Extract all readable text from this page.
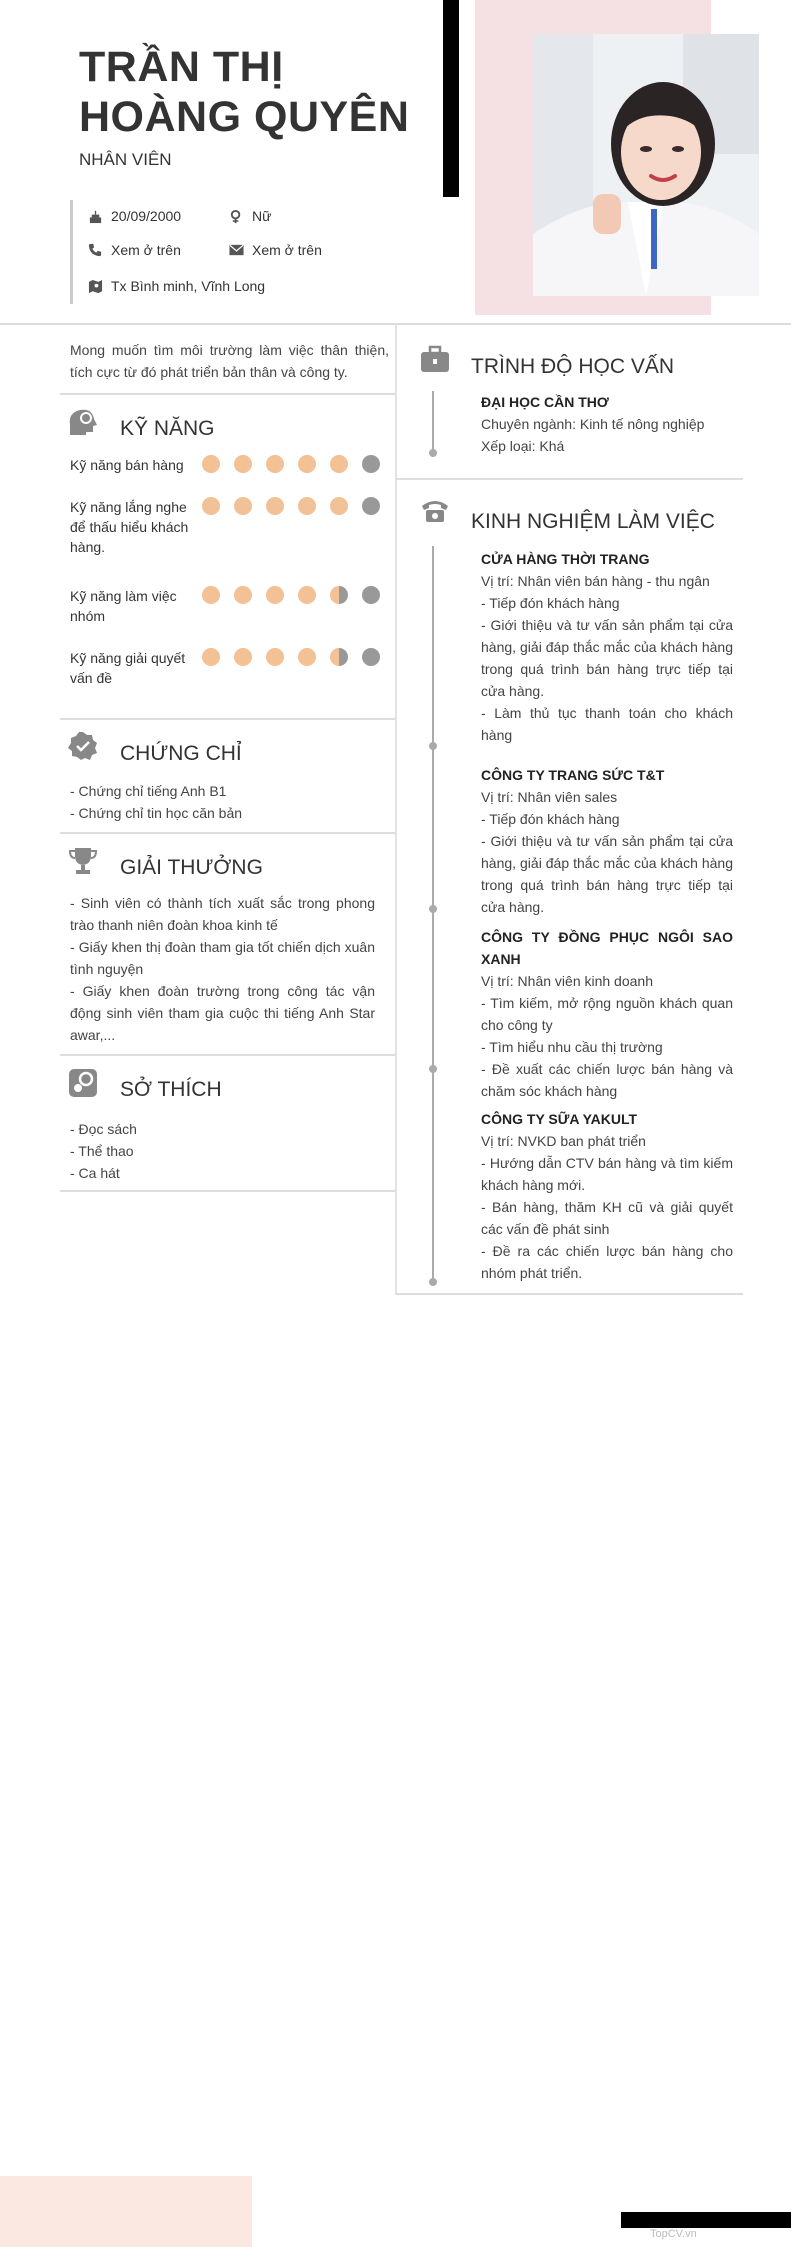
TRẦN THỊ HOÀNG QUYÊN
NHÂN VIÊN
20/09/2000	Nữ
Xem ở trên	Xem ở trên
Tx Bình minh, Vĩnh Long
Mong muốn tìm môi trường làm việc thân thiện, tích cực từ đó phát triển bản thân và công ty.
KỸ NĂNG
Kỹ năng bán hàng
Kỹ năng lắng nghe để thấu hiểu khách hàng.
Kỹ năng làm việc nhóm
Kỹ năng giải quyết vấn đề
CHỨNG CHỈ
- Chứng chỉ tiếng Anh B1
- Chứng chỉ tin học căn bản
GIẢI THƯỞNG
- Sinh viên có thành tích xuất sắc trong phong trào thanh niên đoàn khoa kinh tế
- Giấy khen thị đoàn tham gia tốt chiến dịch xuân tình nguyện
- Giấy khen đoàn trường trong công tác vận động sinh viên tham gia cuộc thi tiếng Anh Star awar,...
SỞ THÍCH
- Đọc sách
- Thể thao
- Ca hát
TRÌNH ĐỘ HỌC VẤN
ĐẠI HỌC CẦN THƠ
Chuyên ngành: Kinh tế nông nghiệp
Xếp loại: Khá
KINH NGHIỆM LÀM VIỆC
CỬA HÀNG THỜI TRANG
Vị trí: Nhân viên bán hàng - thu ngân
- Tiếp đón khách hàng
- Giới thiệu và tư vấn sản phẩm tại cửa hàng, giải đáp thắc mắc của khách hàng trong quá trình bán hàng trực tiếp tại cửa hàng.
- Làm thủ tục thanh toán cho khách hàng
CÔNG TY TRANG SỨC T&T
Vị trí: Nhân viên sales
- Tiếp đón khách hàng
- Giới thiệu và tư vấn sản phẩm tại cửa hàng, giải đáp thắc mắc của khách hàng trong quá trình bán hàng trực tiếp tại cửa hàng.
CÔNG TY ĐỒNG PHỤC NGÔI SAO XANH
Vị trí: Nhân viên kinh doanh
- Tìm kiếm, mở rộng nguồn khách quan cho công ty
- Tìm hiểu nhu cầu thị trường
- Đề xuất các chiến lược bán hàng và chăm sóc khách hàng
CÔNG TY SỮA YAKULT
Vị trí: NVKD ban phát triển
- Hướng dẫn CTV bán hàng và tìm kiếm khách hàng mới.
- Bán hàng, thăm KH cũ và giải quyết các vấn đề phát sinh
- Đề ra các chiến lược bán hàng cho nhóm phát triển.
TopCV.vn
